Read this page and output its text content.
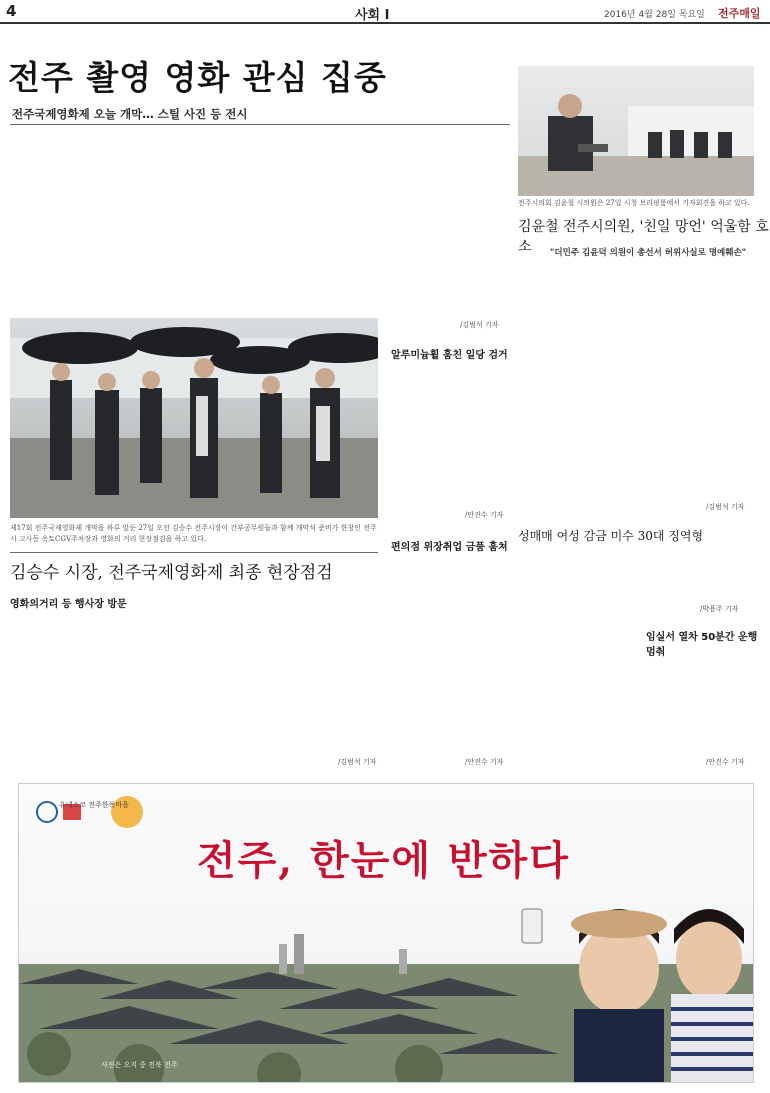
4	사회 Ⅰ	2016년 4월 28일 목요일 전주매일
전주 촬영 영화 관심 집중
전주국제영화제 오늘 개막… 스틸 사진 등 전시
/김범석 기자
제17회 전주국제영화제 개막을 하루 앞둔 27일 오전 김승수 전주시장이 간부공무원들과 함께 개막식 준비가 한창인 전주시 고사동 옥토CGV주차장과 영화의 거리 현장점검을 하고 있다.
김승수 시장, 전주국제영화제 최종 현장점검
영화의거리 등 행사장 방문
/김범석 기자
전주시의회 김윤철 시의원은 27일 시청 브리핑룸에서 기자회견을 하고 있다.
김윤철 전주시의원, '친일 망언' 억울함 호소	"더민주 김윤덕 의원이 총선서 허위사실로 명예훼손"
/김범석 기자
알루미늄휠 훔친 일당 검거
/안진수 기자
편의점 위장취업 금품 훔쳐
/안진수 기자
성매매 여성 감금 미수 30대 징역형
/박용주 기자
임실서 열차 50분간 운행 멈춰
/안진수 기자
유네스코 전주한옥마을
전주, 한눈에 반하다
사진은 오지 중 전북 전주
